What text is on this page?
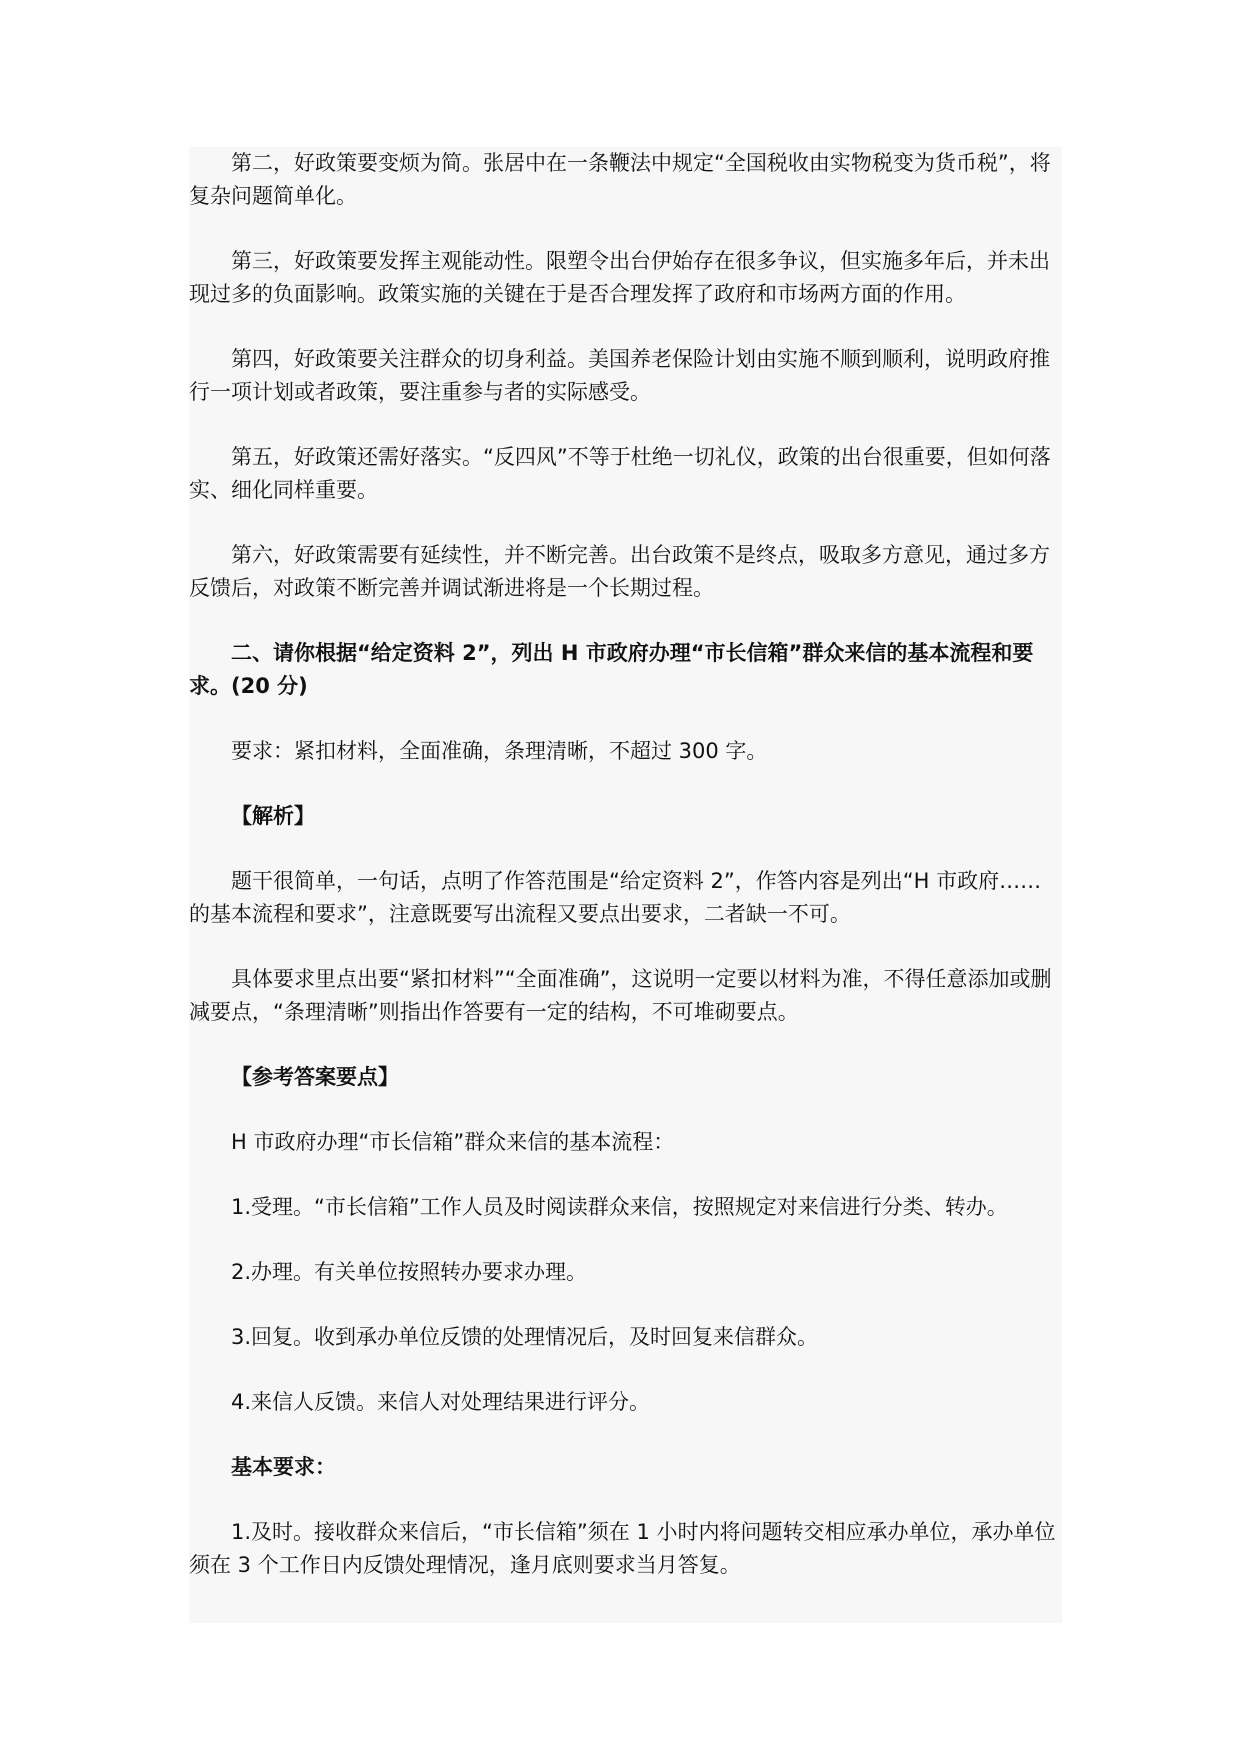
第二，好政策要变烦为简。张居中在一条鞭法中规定“全国税收由实物税变为货币税”，将复杂问题简单化。

第三，好政策要发挥主观能动性。限塑令出台伊始存在很多争议，但实施多年后，并未出现过多的负面影响。政策实施的关键在于是否合理发挥了政府和市场两方面的作用。

第四，好政策要关注群众的切身利益。美国养老保险计划由实施不顺到顺利，说明政府推行一项计划或者政策，要注重参与者的实际感受。

第五，好政策还需好落实。“反四风”不等于杜绝一切礼仪，政策的出台很重要，但如何落实、细化同样重要。

第六，好政策需要有延续性，并不断完善。出台政策不是终点，吸取多方意见，通过多方反馈后，对政策不断完善并调试渐进将是一个长期过程。

二、请你根据“给定资料 2”，列出 H 市政府办理“市长信箱”群众来信的基本流程和要求。(20 分)

要求：紧扣材料，全面准确，条理清晰，不超过 300 字。

【解析】

题干很简单，一句话，点明了作答范围是“给定资料 2”，作答内容是列出“H 市政府……的基本流程和要求”，注意既要写出流程又要点出要求，二者缺一不可。

具体要求里点出要“紧扣材料”“全面准确”，这说明一定要以材料为准，不得任意添加或删减要点，“条理清晰”则指出作答要有一定的结构，不可堆砌要点。

【参考答案要点】

H 市政府办理“市长信箱”群众来信的基本流程：

1.受理。“市长信箱”工作人员及时阅读群众来信，按照规定对来信进行分类、转办。

2.办理。有关单位按照转办要求办理。

3.回复。收到承办单位反馈的处理情况后，及时回复来信群众。

4.来信人反馈。来信人对处理结果进行评分。

基本要求：

1.及时。接收群众来信后，“市长信箱”须在 1 小时内将问题转交相应承办单位，承办单位须在 3 个工作日内反馈处理情况，逢月底则要求当月答复。
